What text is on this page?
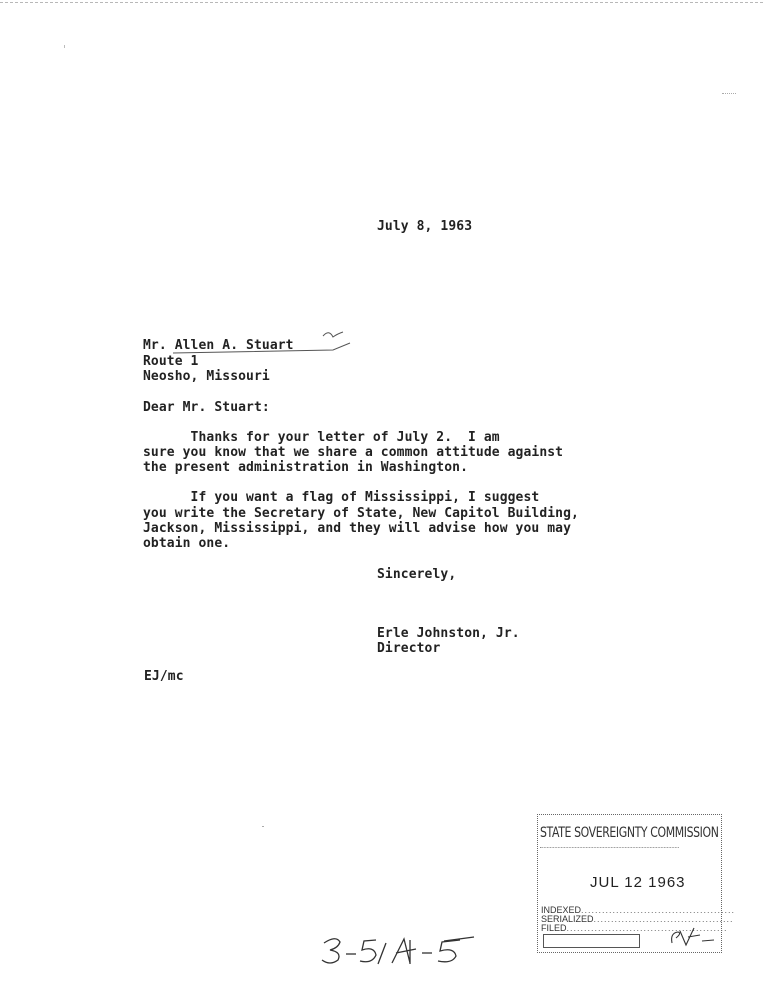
July 8, 1963
Mr. Allen A. Stuart
Route 1
Neosho, Missouri
Dear Mr. Stuart:
Thanks for your letter of July 2.  I am
sure you know that we share a common attitude against
the present administration in Washington.
If you want a flag of Mississippi, I suggest
you write the Secretary of State, New Capitol Building,
Jackson, Mississippi, and they will advise how you may
obtain one.
Sincerely,
Erle Johnston, Jr.
Director
EJ/mc
STATE SOVEREIGNTY COMMISSION
JUL 12 1963
INDEXED............................................
SERIALIZED........................................
FILED..............................................
